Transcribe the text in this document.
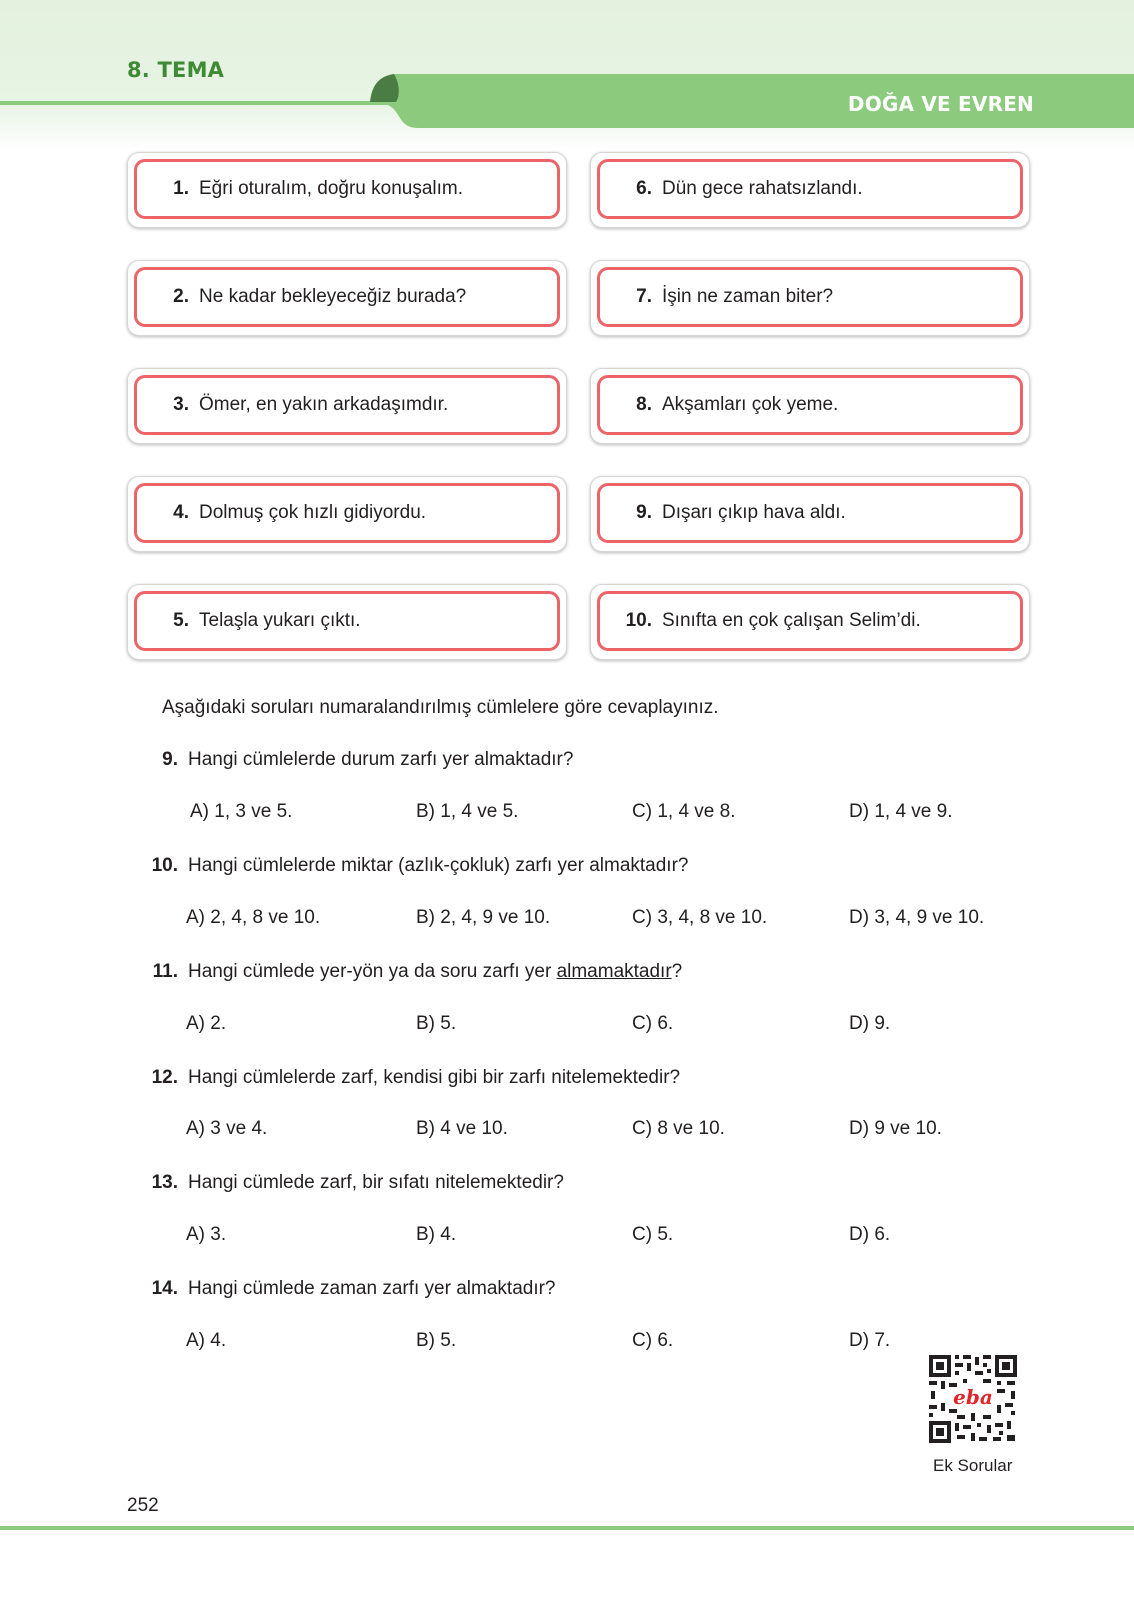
8. TEMA
DOĞA VE EVREN
1. Eğri oturalım, doğru konuşalım.
2. Ne kadar bekleyeceğiz burada?
3. Ömer, en yakın arkadaşımdır.
4. Dolmuş çok hızlı gidiyordu.
5. Telaşla yukarı çıktı.
6. Dün gece rahatsızlandı.
7. İşin ne zaman biter?
8. Akşamları çok yeme.
9. Dışarı çıkıp hava aldı.
10. Sınıfta en çok çalışan Selim’di.
Aşağıdaki soruları numaralandırılmış cümlelere göre cevaplayınız.
9. Hangi cümlelerde durum zarfı yer almaktadır?
A) 1, 3 ve 5.	B) 1, 4 ve 5.	C) 1, 4 ve 8.	D) 1, 4 ve 9.
10. Hangi cümlelerde miktar (azlık-çokluk) zarfı yer almaktadır?
A) 2, 4, 8 ve 10.	B) 2, 4, 9 ve 10.	C) 3, 4, 8 ve 10.	D) 3, 4, 9 ve 10.
11. Hangi cümlede yer-yön ya da soru zarfı yer almamaktadır?
A) 2.	B) 5.	C) 6.	D) 9.
12. Hangi cümlelerde zarf, kendisi gibi bir zarfı nitelemektedir?
A) 3 ve 4.	B) 4 ve 10.	C) 8 ve 10.	D) 9 ve 10.
13. Hangi cümlede zarf, bir sıfatı nitelemektedir?
A) 3.	B) 4.	C) 5.	D) 6.
14. Hangi cümlede zaman zarfı yer almaktadır?
A) 4.	B) 5.	C) 6.	D) 7.
eba
Ek Sorular
252
